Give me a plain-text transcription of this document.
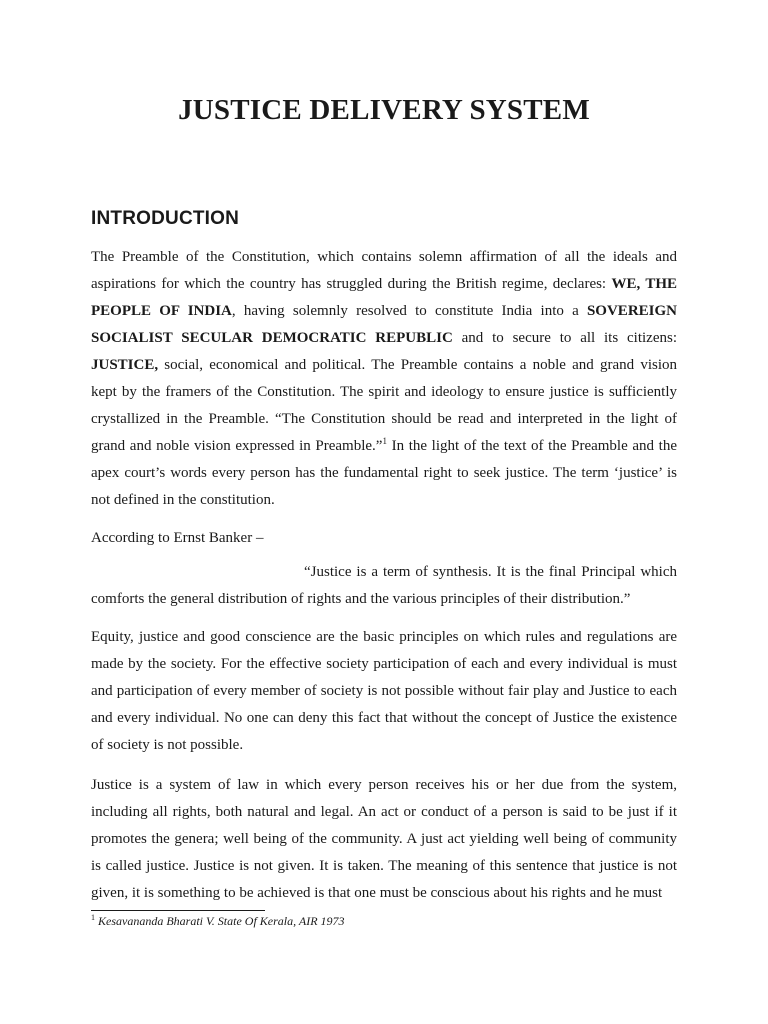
JUSTICE DELIVERY SYSTEM
INTRODUCTION

The Preamble of the Constitution, which contains solemn affirmation of all the ideals and aspirations for which the country has struggled during the British regime, declares: WE, THE PEOPLE OF INDIA, having solemnly resolved to constitute India into a SOVEREIGN SOCIALIST SECULAR DEMOCRATIC REPUBLIC and to secure to all its citizens: JUSTICE, social, economical and political. The Preamble contains a noble and grand vision kept by the framers of the Constitution. The spirit and ideology to ensure justice is sufficiently crystallized in the Preamble. “The Constitution should be read and interpreted in the light of grand and noble vision expressed in Preamble.”$^1$ In the light of the text of the Preamble and the apex court’s words every person has the fundamental right to seek justice. The term ‘justice’ is not defined in the constitution.

According to Ernst Banker –

“Justice is a term of synthesis. It is the final Principal which comforts the general distribution of rights and the various principles of their distribution.”

Equity, justice and good conscience are the basic principles on which rules and regulations are made by the society. For the effective society participation of each and every individual is must and participation of every member of society is not possible without fair play and Justice to each and every individual. No one can deny this fact that without the concept of Justice the existence of society is not possible.

Justice is a system of law in which every person receives his or her due from the system, including all rights, both natural and legal. An act or conduct of a person is said to be just if it promotes the genera; well being of the community. A just act yielding well being of community is called justice. Justice is not given. It is taken. The meaning of this sentence that justice is not given, it is something to be achieved is that one must be conscious about his rights and he must

$^1$ Kesavananda Bharati V. State Of Kerala, AIR 1973
